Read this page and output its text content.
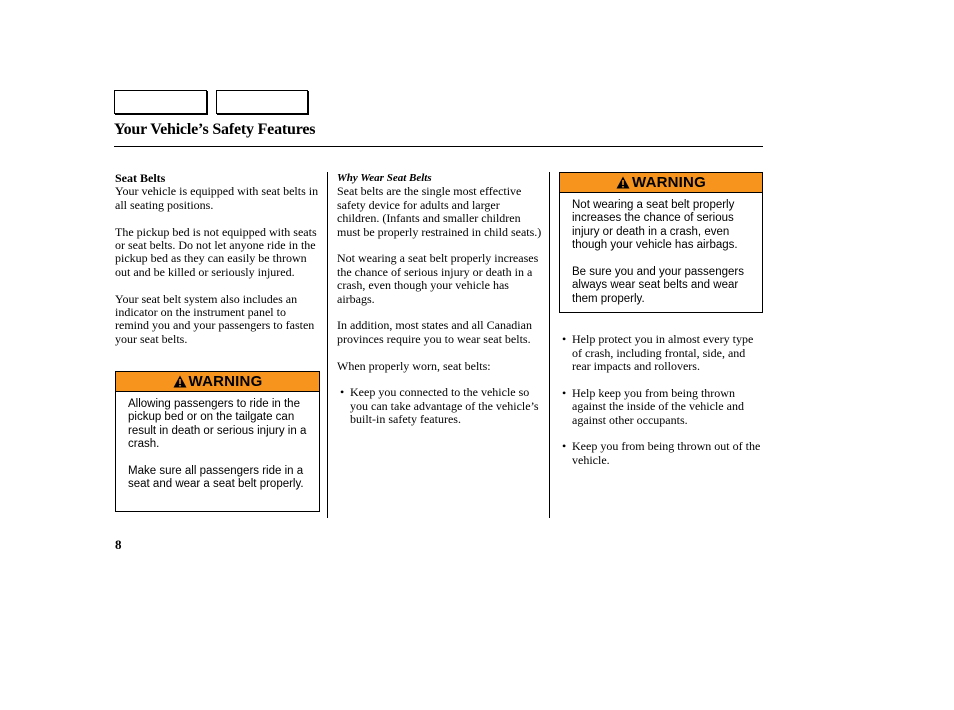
Your Vehicle’s Safety Features
Seat Belts

Your vehicle is equipped with seat belts in all seating positions.

The pickup bed is not equipped with seats or seat belts. Do not let anyone ride in the pickup bed as they can easily be thrown out and be killed or seriously injured.

Your seat belt system also includes an indicator on the instrument panel to remind you and your passengers to fasten your seat belts.

WARNING

Allowing passengers to ride in the pickup bed or on the tailgate can result in death or serious injury in a crash.

Make sure all passengers ride in a seat and wear a seat belt properly.

Why Wear Seat Belts

Seat belts are the single most effective safety device for adults and larger children. (Infants and smaller children must be properly restrained in child seats.)

Not wearing a seat belt properly increases the chance of serious injury or death in a crash, even though your vehicle has airbags.

In addition, most states and all Canadian provinces require you to wear seat belts.

When properly worn, seat belts:

• Keep you connected to the vehicle so you can take advantage of the vehicle’s built-in safety features.
WARNING

Not wearing a seat belt properly increases the chance of serious injury or death in a crash, even though your vehicle has airbags.

Be sure you and your passengers always wear seat belts and wear them properly.

• Help protect you in almost every type of crash, including frontal, side, and rear impacts and rollovers.
• Help keep you from being thrown against the inside of the vehicle and against other occupants.
• Keep you from being thrown out of the vehicle.
8
